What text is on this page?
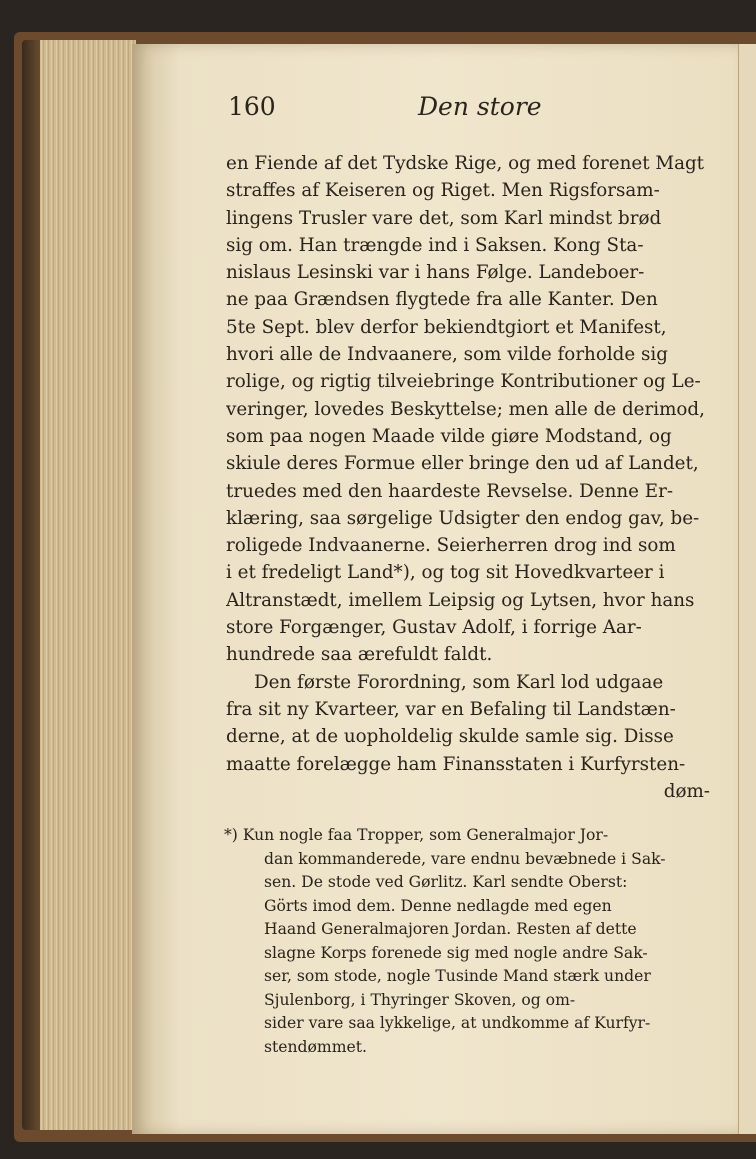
160	Den store
en Fiende af det Tydske Rige, og med forenet Magt
straffes af Keiseren og Riget. Men Rigsforsam-
lingens Trusler vare det, som Karl mindst brød
sig om. Han trængde ind i Saksen. Kong Sta-
nislaus Lesinski var i hans Følge. Landeboer-
ne paa Grændsen flygtede fra alle Kanter. Den
5te Sept. blev derfor bekiendtgiort et Manifest,
hvori alle de Indvaanere, som vilde forholde sig
rolige, og rigtig tilveiebringe Kontributioner og Le-
veringer, lovedes Beskyttelse; men alle de derimod,
som paa nogen Maade vilde giøre Modstand, og
skiule deres Formue eller bringe den ud af Landet,
truedes med den haardeste Revselse. Denne Er-
klæring, saa sørgelige Udsigter den endog gav, be-
roligede Indvaanerne. Seierherren drog ind som
i et fredeligt Land*), og tog sit Hovedkvarteer i
Altranstædt, imellem Leipsig og Lytsen, hvor hans
store Forgænger, Gustav Adolf, i forrige Aar-
hundrede saa ærefuldt faldt.
Den første Forordning, som Karl lod udgaae
fra sit ny Kvarteer, var en Befaling til Landstæn-
derne, at de uopholdelig skulde samle sig. Disse
maatte forelægge ham Finansstaten i Kurfyrsten-
døm-
*) Kun nogle faa Tropper, som Generalmajor Jor-
dan kommanderede, vare endnu bevæbnede i Sak-
sen. De stode ved Gørlitz. Karl sendte Oberst:
Görts imod dem. Denne nedlagde med egen
Haand Generalmajoren Jordan. Resten af dette
slagne Korps forenede sig med nogle andre Sak-
ser, som stode, nogle Tusinde Mand stærk under
Sjulenborg, i Thyringer Skoven, og om-
sider vare saa lykkelige, at undkomme af Kurfyr-
stendømmet.
